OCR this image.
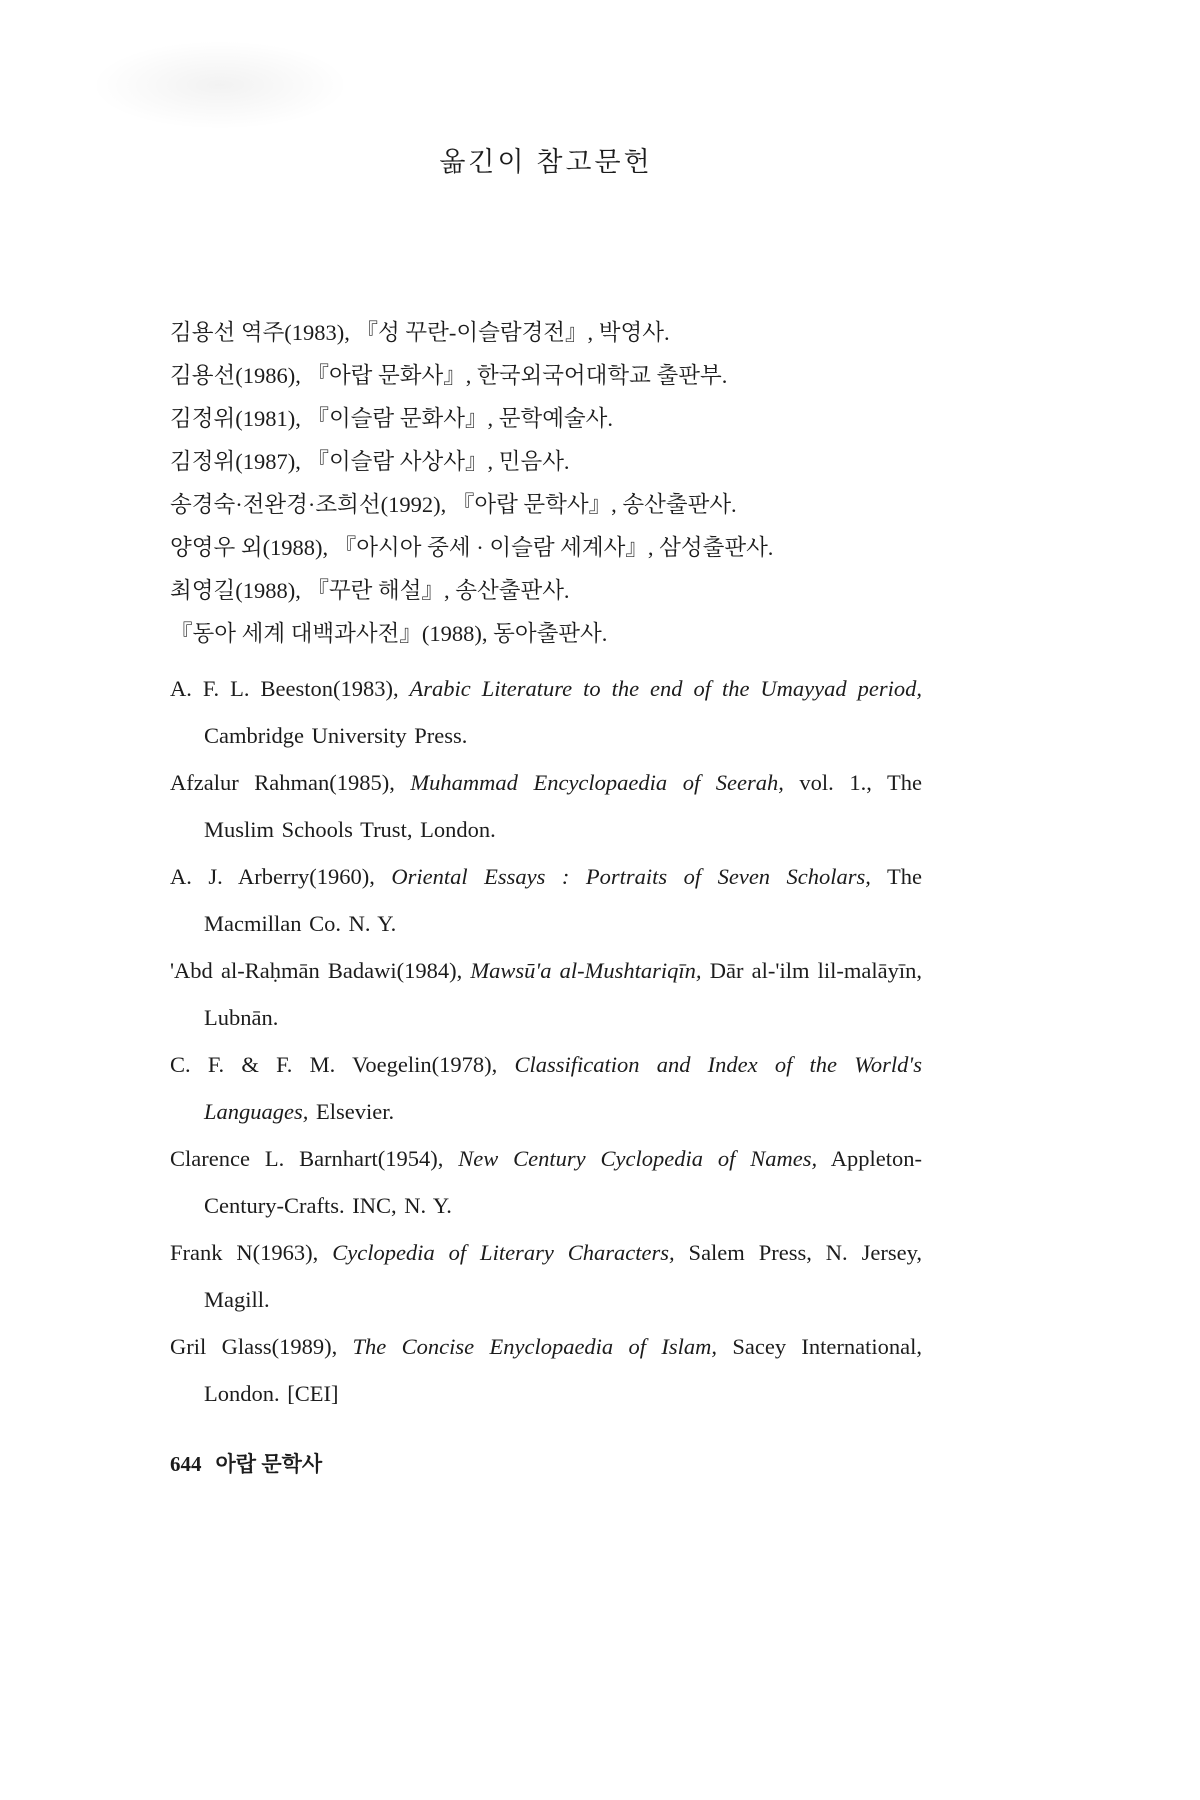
옮긴이 참고문헌

김용선 역주(1983), 『성 꾸란-이슬람경전』, 박영사.

김용선(1986), 『아랍 문화사』, 한국외국어대학교 출판부.

김정위(1981), 『이슬람 문화사』, 문학예술사.

김정위(1987), 『이슬람 사상사』, 민음사.

송경숙·전완경·조희선(1992), 『아랍 문학사』, 송산출판사.

양영우 외(1988), 『아시아 중세 · 이슬람 세계사』, 삼성출판사.

최영길(1988), 『꾸란 해설』, 송산출판사.

『동아 세계 대백과사전』(1988), 동아출판사.

A. F. L. Beeston(1983), Arabic Literature to the end of the Umayyad period, Cambridge University Press.

Afzalur Rahman(1985), Muhammad Encyclopaedia of Seerah, vol. 1., The Muslim Schools Trust, London.

A. J. Arberry(1960), Oriental Essays : Portraits of Seven Scholars, The Macmillan Co. N. Y.

'Abd al-Raḥmān Badawi(1984), Mawsū'a al-Mushtariqīn, Dār al-'ilm lil-malāyīn, Lubnān.

C. F. & F. M. Voegelin(1978), Classification and Index of the World's Languages, Elsevier.

Clarence L. Barnhart(1954), New Century Cyclopedia of Names, Appleton-Century-Crafts. INC, N. Y.

Frank N(1963), Cyclopedia of Literary Characters, Salem Press, N. Jersey, Magill.

Gril Glass(1989), The Concise Enyclopaedia of Islam, Sacey International, London. [CEI]

644 아랍 문학사
